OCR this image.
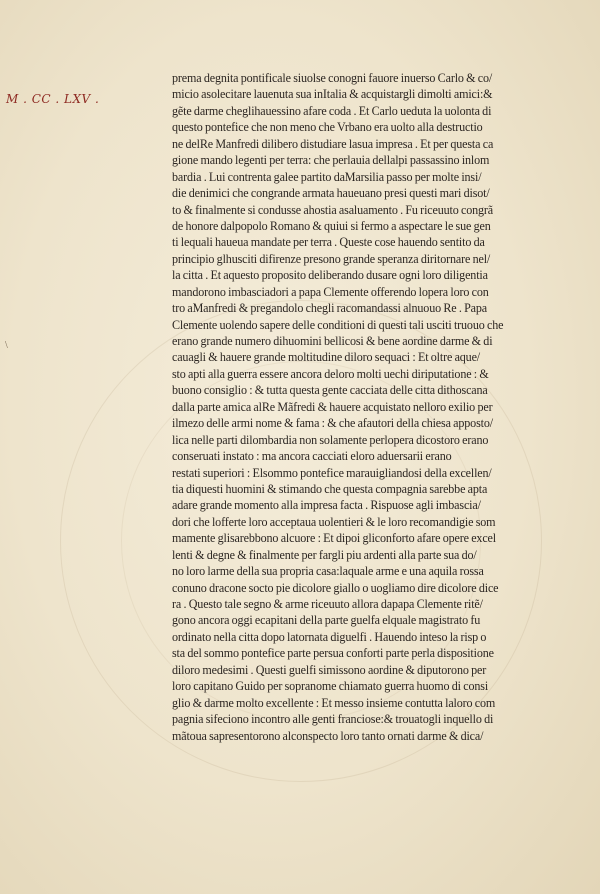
M . CC . LXV .
\
prema degnita pontificale siuolse conogni fauore inuerso Carlo & co/
micio asolecitare lauenuta sua inItalia & acquistargli dimolti amici:&
gẽte darme cheglihauessino afare coda . Et Carlo ueduta la uolonta di
questo pontefice che non meno che Vrbano era uolto alla destructio
ne delRe Manfredi dilibero distudiare lasua impresa . Et per questa ca
gione mando legenti per terra: che perlauia dellalpi passassino inlom
bardia . Lui contrenta galee partito daMarsilia passo per molte insi/
die denimici che congrande armata haueuano presi questi mari disot/
to & finalmente si condusse ahostia asaluamento . Fu riceuuto congrã
de honore dalpopolo Romano & quiui si fermo a aspectare le sue gen
ti lequali haueua mandate per terra . Queste cose hauendo sentito da
principio glhusciti difirenze presono grande speranza diritornare nel/
la citta . Et aquesto proposito deliberando dusare ogni loro diligentia
mandorono imbasciadori a papa Clemente offerendo lopera loro con
tro aManfredi & pregandolo chegli racomandassi alnuouo Re . Papa
Clemente uolendo sapere delle conditioni di questi tali usciti truouo che
erano grande numero dihuomini bellicosi & bene aordine darme & di
cauagli & hauere grande moltitudine diloro sequaci : Et oltre aque/
sto apti alla guerra essere ancora deloro molti uechi diriputatione : &
buono consiglio : & tutta questa gente cacciata delle citta dithoscana
dalla parte amica alRe Mãfredi & hauere acquistato nelloro exilio per
ilmezo delle armi nome & fama : & che afautori della chiesa apposto/
lica nelle parti dilombardia non solamente perlopera dicostoro erano
conseruati instato : ma ancora cacciati eloro aduersarii erano
restati superiori : Elsommo pontefice marauigliandosi della excellen/
tia diquesti huomini & stimando che questa compagnia sarebbe apta
adare grande momento alla impresa facta . Rispuose agli imbasciа/
dori che lofferte loro acceptaua uolentieri & le loro recomandigie som
mamente glisarebbono alcuore : Et dipoi gliconforto afare opere excel
lenti & degne & finalmente per fargli piu ardenti alla parte sua do/
no loro larme della sua propria casa:laquale arme e una aquila rossa
conuno dracone socto pie dicolore giallo o uogliamo dire dicolore dice
ra . Questo tale segno & arme riceuuto allora dapapa Clemente ritẽ/
gono ancora oggi ecapitani della parte guelfa elquale magistrato fu
ordinato nella citta dopo latornata diguelfi . Hauendo inteso la risp o
sta del sommo pontefice parte persua conforti parte perla dispositione
diloro medesimi . Questi guelfi simissono aordine & diputorono per
loro capitano Guido per sopranome chiamato guerra huomo di consi
glio & darme molto excellente : Et messo insieme contutta laloro com
pagnia sifeciono incontro alle genti franciose:& trouatogli inquello di
mãtoua sapresentorono alconspecto loro tanto ornati darme & dica/
